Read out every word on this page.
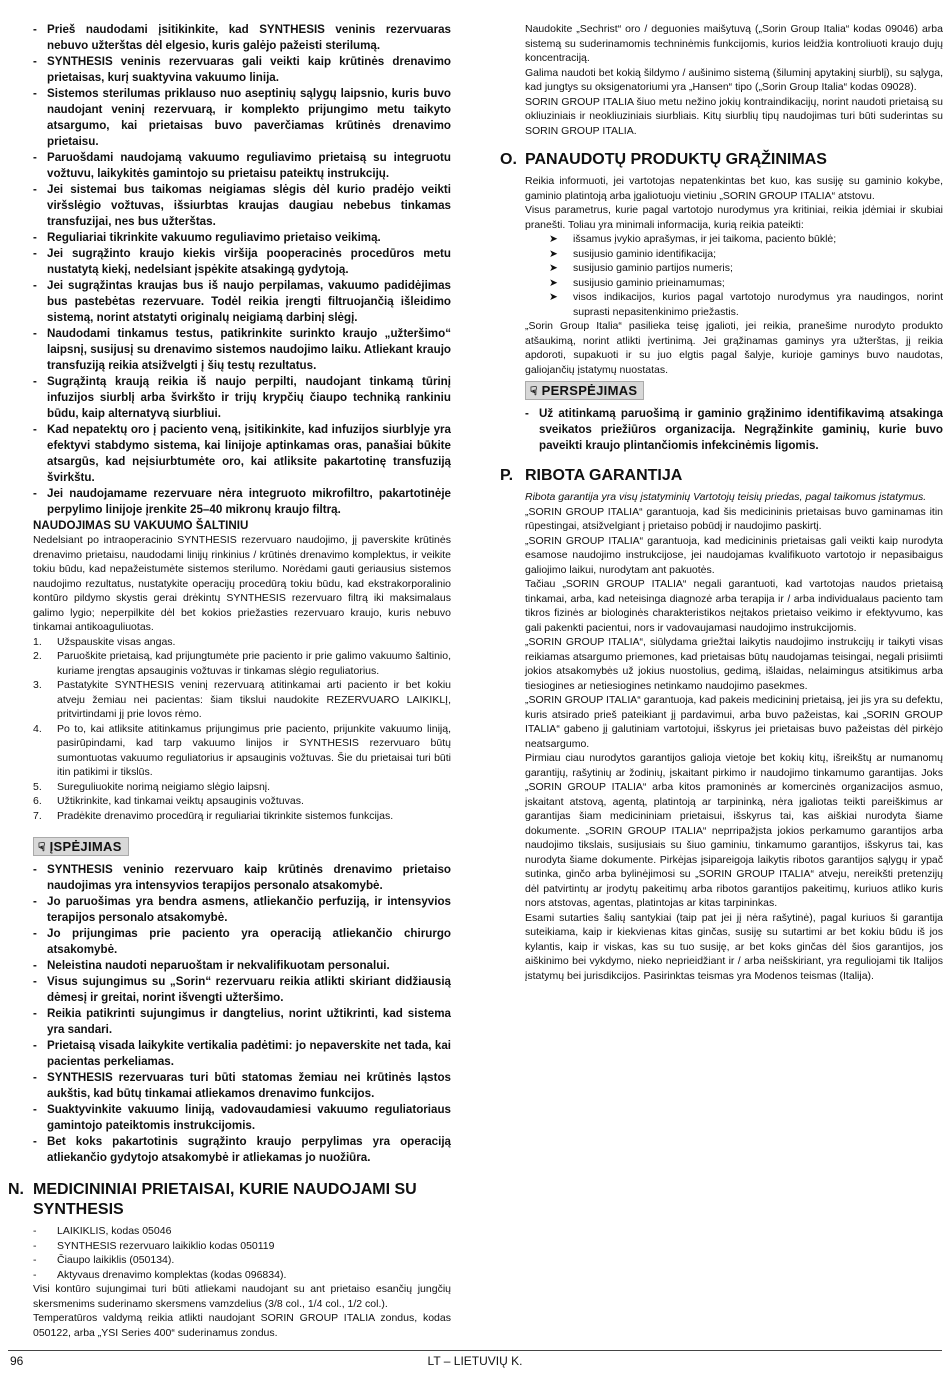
- Prieš naudodami įsitikinkite, kad SYNTHESIS veninis rezervuaras nebuvo užterštas dėl elgesio, kuris galėjo pažeisti sterilumą.
- SYNTHESIS veninis rezervuaras gali veikti kaip krūtinės drenavimo prietaisas, kurį suaktyvina vakuumo linija.
- Sistemos sterilumas priklauso nuo aseptinių sąlygų laipsnio, kuris buvo naudojant veninį rezervuarą, ir komplekto prijungimo metu taikyto atsargumo, kai prietaisas buvo paverčiamas krūtinės drenavimo prietaisu.
- Paruošdami naudojamą vakuumo reguliavimo prietaisą su integruotu vožtuvu, laikykitės gamintojo su prietaisu pateiktų instrukcijų.
- Jei sistemai bus taikomas neigiamas slėgis dėl kurio pradėjo veikti viršslėgio vožtuvas, išsiurbtas kraujas daugiau nebebus tinkamas transfuzijai, nes bus užterštas.
- Reguliariai tikrinkite vakuumo reguliavimo prietaiso veikimą.
- Jei sugrąžinto kraujo kiekis viršija pooperacinės procedūros metu nustatytą kiekį, nedelsiant įspėkite atsakingą gydytoją.
- Jei sugrąžintas kraujas bus iš naujo perpilamas, vakuumo padidėjimas bus pastebėtas rezervuare. Todėl reikia įrengti filtruojančią išleidimo sistemą, norint atstatyti originalų neigiamą darbinį slėgį.
- Naudodami tinkamus testus, patikrinkite surinkto kraujo „užteršimo“ laipsnį, susijusį su drenavimo sistemos naudojimo laiku. Atliekant kraujo transfuziją reikia atsižvelgti į šių testų rezultatus.
- Sugrąžintą kraują reikia iš naujo perpilti, naudojant tinkamą tūrinį infuzijos siurblį arba švirkšto ir trijų krypčių čiaupo techniką rankiniu būdu, kaip alternatyvą siurbliui.
- Kad nepatektų oro į paciento veną, įsitikinkite, kad infuzijos siurblyje yra efektyvi stabdymo sistema, kai linijoje aptinkamas oras, panašiai būkite atsargūs, kad neįsiurbtumėte oro, kai atliksite pakartotinę transfuziją švirkštu.
- Jei naudojamame rezervuare nėra integruoto mikrofiltro, pakartotinėje perpylimo linijoje įrenkite 25–40 mikronų kraujo filtrą.

NAUDOJIMAS SU VAKUUMO ŠALTINIU

Nedelsiant po intraoperacinio SYNTHESIS rezervuaro naudojimo, jį paverskite krūtinės drenavimo prietaisu, naudodami linijų rinkinius / krūtinės drenavimo komplektus, ir veikite tokiu būdu, kad nepažeistumėte sistemos sterilumo. Norėdami gauti geriausius sistemos naudojimo rezultatus, nustatykite operacijų procedūrą tokiu būdu, kad ekstrakorporalinio kontūro pildymo skystis gerai drėkintų SYNTHESIS rezervuaro filtrą iki maksimalaus galimo lygio; neperpilkite dėl bet kokios priežasties rezervuaro kraujo, kuris nebuvo tinkamai antikoaguliuotas.

1. Užspauskite visas angas.
2. Paruoškite prietaisą, kad prijungtumėte prie paciento ir prie galimo vakuumo šaltinio, kuriame įrengtas apsauginis vožtuvas ir tinkamas slėgio reguliatorius.
3. Pastatykite SYNTHESIS veninį rezervuarą atitinkamai arti paciento ir bet kokiu atveju žemiau nei pacientas: šiam tikslui naudokite REZERVUARO LAIKIKLĮ, pritvirtindami jį prie lovos rėmo.
4. Po to, kai atliksite atitinkamus prijungimus prie paciento, prijunkite vakuumo liniją, pasirūpindami, kad tarp vakuumo linijos ir SYNTHESIS rezervuaro būtų sumontuotas vakuumo reguliatorius ir apsauginis vožtuvas. Šie du prietaisai turi būti itin patikimi ir tikslūs.
5. Sureguliuokite norimą neigiamo slėgio laipsnį.
6. Užtikrinkite, kad tinkamai veiktų apsauginis vožtuvas.
7. Pradėkite drenavimo procedūrą ir reguliariai tikrinkite sistemos funkcijas.
☟ ĮSPĖJIMAS
- SYNTHESIS veninio rezervuaro kaip krūtinės drenavimo prietaiso naudojimas yra intensyvios terapijos personalo atsakomybė.
- Jo paruošimas yra bendra asmens, atliekančio perfuziją, ir intensyvios terapijos personalo atsakomybė.
- Jo prijungimas prie paciento yra operaciją atliekančio chirurgo atsakomybė.
- Neleistina naudoti neparuoštam ir nekvalifikuotam personalui.
- Visus sujungimus su „Sorin“ rezervuaru reikia atlikti skiriant didžiausią dėmesį ir greitai, norint išvengti užteršimo.
- Reikia patikrinti sujungimus ir dangtelius, norint užtikrinti, kad sistema yra sandari.
- Prietaisą visada laikykite vertikalia padėtimi: jo nepaverskite net tada, kai pacientas perkeliamas.
- SYNTHESIS rezervuaras turi būti statomas žemiau nei krūtinės ląstos aukštis, kad būtų tinkamai atliekamos drenavimo funkcijos.
- Suaktyvinkite vakuumo liniją, vadovaudamiesi vakuumo reguliatoriaus gamintojo pateiktomis instrukcijomis.
- Bet koks pakartotinis sugrąžinto kraujo perpylimas yra operaciją atliekančio gydytojo atsakomybė ir atliekamas jo nuožiūra.
N. MEDICININIAI PRIETAISAI, KURIE NAUDOJAMI SU SYNTHESIS
- LAIKIKLIS, kodas 05046
- SYNTHESIS rezervuaro laikiklio kodas 050119
- Čiaupo laikiklis (050134).
- Aktyvaus drenavimo komplektas (kodas 096834).

Visi kontūro sujungimai turi būti atliekami naudojant su ant prietaiso esančių jungčių skersmenims suderinamo skersmens vamzdelius (3/8 col., 1/4 col., 1/2 col.).

Temperatūros valdymą reikia atlikti naudojant SORIN GROUP ITALIA zondus, kodas 050122, arba „YSI Series 400“ suderinamus zondus.

Naudokite „Sechrist“ oro / deguonies maišytuvą („Sorin Group Italia“ kodas 09046) arba sistemą su suderinamomis techninėmis funkcijomis, kurios leidžia kontroliuoti kraujo dujų koncentraciją.

Galima naudoti bet kokią šildymo / aušinimo sistemą (šiluminį apytakinį siurblį), su sąlyga, kad jungtys su oksigenatoriumi yra „Hansen“ tipo („Sorin Group Italia“ kodas 09028).

SORIN GROUP ITALIA šiuo metu nežino jokių kontraindikacijų, norint naudoti prietaisą su okliuziniais ir neokliuziniais siurbliais. Kitų siurblių tipų naudojimas turi būti suderintas su SORIN GROUP ITALIA.

O. PANAUDOTŲ PRODUKTŲ GRĄŽINIMAS

Reikia informuoti, jei vartotojas nepatenkintas bet kuo, kas susiję su gaminio kokybe, gaminio platintoją arba įgaliotuoju vietiniu „SORIN GROUP ITALIA“ atstovu.

Visus parametrus, kurie pagal vartotojo nurodymus yra kritiniai, reikia įdėmiai ir skubiai pranešti. Toliau yra minimali informacija, kurią reikia pateikti:

➤ išsamus įvykio aprašymas, ir jei taikoma, paciento būklė;
➤ susijusio gaminio identifikacija;
➤ susijusio gaminio partijos numeris;
➤ susijusio gaminio prieinamumas;
➤ visos indikacijos, kurios pagal vartotojo nurodymus yra naudingos, norint suprasti nepasitenkinimo priežastis.

„Sorin Group Italia“ pasilieka teisę įgalioti, jei reikia, pranešime nurodyto produkto atšaukimą, norint atlikti įvertinimą. Jei grąžinamas gaminys yra užterštas, jį reikia apdoroti, supakuoti ir su juo elgtis pagal šalyje, kurioje gaminys buvo naudotas, galiojančių įstatymų nuostatas.

☟ PERSPĖJIMAS
- Už atitinkamą paruošimą ir gaminio grąžinimo identifikavimą atsakinga sveikatos priežiūros organizacija. Negrąžinkite gaminių, kurie buvo paveikti kraujo plintančiomis infekcinėmis ligomis.
P. RIBOTA GARANTIJA

Ribota garantija yra visų įstatyminių Vartotojų teisių priedas, pagal taikomus įstatymus.

„SORIN GROUP ITALIA“ garantuoja, kad šis medicininis prietaisas buvo gaminamas itin rūpestingai, atsižvelgiant į prietaiso pobūdį ir naudojimo paskirtį.

„SORIN GROUP ITALIA“ garantuoja, kad medicininis prietaisas gali veikti kaip nurodyta esamose naudojimo instrukcijose, jei naudojamas kvalifikuoto vartotojo ir nepasibaigus galiojimo laikui, nurodytam ant pakuotės.

Tačiau „SORIN GROUP ITALIA“ negali garantuoti, kad vartotojas naudos prietaisą tinkamai, arba, kad neteisinga diagnozė arba terapija ir / arba individualaus paciento tam tikros fizinės ar biologinės charakteristikos neįtakos prietaiso veikimo ir efektyvumo, kas gali pakenkti pacientui, nors ir vadovaujamasi naudojimo instrukcijomis.

„SORIN GROUP ITALIA“, siūlydama griežtai laikytis naudojimo instrukcijų ir taikyti visas reikiamas atsargumo priemones, kad prietaisas būtų naudojamas teisingai, negali prisiimti jokios atsakomybės už jokius nuostolius, gedimą, išlaidas, nelaimingus atsitikimus arba tiesiogines ar netiesiogines netinkamo naudojimo pasekmes.

„SORIN GROUP ITALIA“ garantuoja, kad pakeis medicininį prietaisą, jei jis yra su defektu, kuris atsirado prieš pateikiant jį pardavimui, arba buvo pažeistas, kai „SORIN GROUP ITALIA“ gabeno jį galutiniam vartotojui, išskyrus jei prietaisas buvo pažeistas dėl pirkėjo neatsargumo.

Pirmiau ciau nurodytos garantijos galioja vietoje bet kokių kitų, išreikštų ar numanomų garantijų, rašytinių ar žodinių, įskaitant pirkimo ir naudojimo tinkamumo garantijas. Joks „SORIN GROUP ITALIA“ arba kitos pramoninės ar komercinės organizacijos asmuo, įskaitant atstovą, agentą, platintoją ar tarpininką, nėra įgaliotas teikti pareiškimus ar garantijas šiam medicininiam prietaisui, išskyrus tai, kas aiškiai nurodyta šiame dokumente. „SORIN GROUP ITALIA“ neprripažįsta jokios perkamumo garantijos arba naudojimo tikslais, susijusiais su šiuo gaminiu, tinkamumo garantijos, išskyrus tai, kas nurodyta šiame dokumente. Pirkėjas įsipareigoja laikytis ribotos garantijos sąlygų ir ypač sutinka, ginčo arba bylinėjimosi su „SORIN GROUP ITALIA“ atveju, nereikšti pretenzijų dėl patvirtintų ar įrodytų pakeitimų arba ribotos garantijos pakeitimų, kuriuos atliko kuris nors atstovas, agentas, platintojas ar kitas tarpininkas.

Esami sutarties šalių santykiai (taip pat jei jį nėra rašytinė), pagal kuriuos ši garantija suteikiama, kaip ir kiekvienas kitas ginčas, susiję su sutartimi ar bet kokiu būdu iš jos kylantis, kaip ir viskas, kas su tuo susiję, ar bet koks ginčas dėl šios garantijos, jos aiškinimo bei vykdymo, nieko neprieidžiant ir / arba neišskiriant, yra reguliojami tik Italijos įstatymų bei jurisdikcijos. Pasirinktas teismas yra Modenos teismas (Italija).

96	LT – LIETUVIŲ K.
